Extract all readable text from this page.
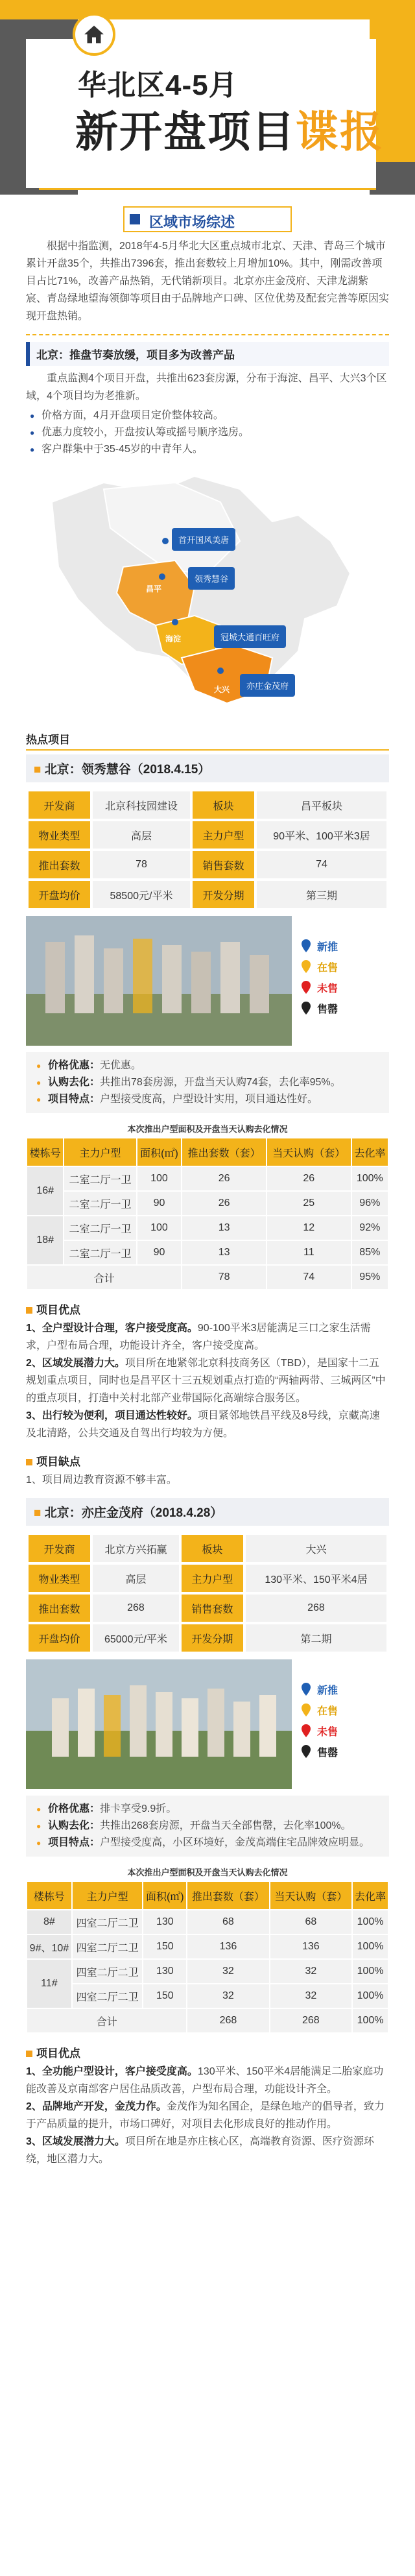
华北区4-5月
新开盘项目谍报
区域市场综述

根据中指监测，2018年4-5月华北大区重点城市北京、天津、青岛三个城市累计开盘35个，共推出7396套，推出套数较上月增加10%。其中，刚需改善项目占比71%，改善产品热销，无代销新项目。北京亦庄金茂府、天津龙湖紫宸、青岛绿地望海领御等项目由于品牌地产口碑、区位优势及配套完善等原因实现开盘热销。

北京：推盘节奏放缓，项目多为改善产品

重点监测4个项目开盘，共推出623套房源，分布于海淀、昌平、大兴3个区域，4个项目均为老推新。

● 价格方面，4月开盘项目定价整体较高。
● 优惠力度较小，开盘按认筹或摇号顺序选房。
● 客户群集中于35-45岁的中青年人。
首开国风美唐
领秀慧谷
冠城大通百旺府
亦庄金茂府
昌平
海淀
大兴
热点项目
■ 北京：领秀慧谷（2018.4.15）
开发商	北京科技园建设	板块	昌平板块
物业类型	高层	主力户型	90平米、100平米3居
推出套数	78	销售套数	74
开盘均价	58500元/平米	开发分期	第三期
新推
在售
未售
售罄
● 价格优惠：无优惠。
● 认购去化：共推出78套房源，开盘当天认购74套，去化率95%。
● 项目特点：户型接受度高，户型设计实用，项目通达性好。
本次推出户型面积及开盘当天认购去化情况
楼栋号	主力户型	面积(㎡)	推出套数（套）	当天认购（套）	去化率
16#	二室二厅一卫	100	26	26	100%
	二室二厅一卫	90	26	25	96%
18#	二室二厅一卫	100	13	12	92%
	二室二厅一卫	90	13	11	85%
合计			78	74	95%
项目优点

1、全户型设计合理，客户接受度高。90-100平米3居能满足三口之家生活需求，户型布局合理，功能设计齐全，客户接受度高。

2、区域发展潜力大。项目所在地紧邻北京科技商务区（TBD），是国家十二五规划重点项目，同时也是昌平区十三五规划重点打造的“两轴两带、三城两区”中的重点项目，打造中关村北部产业带国际化高端综合服务区。

3、出行较为便利，项目通达性较好。项目紧邻地铁昌平线及8号线，京藏高速及北清路，公共交通及自驾出行均较为方便。

项目缺点

1、项目周边教育资源不够丰富。

■ 北京：亦庄金茂府（2018.4.28）
开发商	北京方兴拓赢	板块	大兴
物业类型	高层	主力户型	130平米、150平米4居
推出套数	268	销售套数	268
开盘均价	65000元/平米	开发分期	第二期
新推
在售
未售
售罄
● 价格优惠：排卡享受9.9折。
● 认购去化：共推出268套房源，开盘当天全部售罄，去化率100%。
● 项目特点：户型接受度高，小区环境好，金茂高端住宅品牌效应明显。
本次推出户型面积及开盘当天认购去化情况
楼栋号	主力户型	面积(㎡)	推出套数（套）	当天认购（套）	去化率
8#	四室二厅二卫	130	68	68	100%
9#、10#	四室二厅二卫	150	136	136	100%
11#	四室二厅二卫	130	32	32	100%
	四室二厅二卫	150	32	32	100%
合计			268	268	100%
项目优点

1、全功能户型设计，客户接受度高。130平米、150平米4居能满足二胎家庭功能改善及京南部客户居住品质改善，户型布局合理，功能设计齐全。

2、品牌地产开发，金茂力作。金茂作为知名国企，是绿色地产的倡导者，致力于产品质量的提升，市场口碑好，对项目去化形成良好的推动作用。

3、区域发展潜力大。项目所在地是亦庄核心区，高端教育资源、医疗资源环绕，地区潜力大。
